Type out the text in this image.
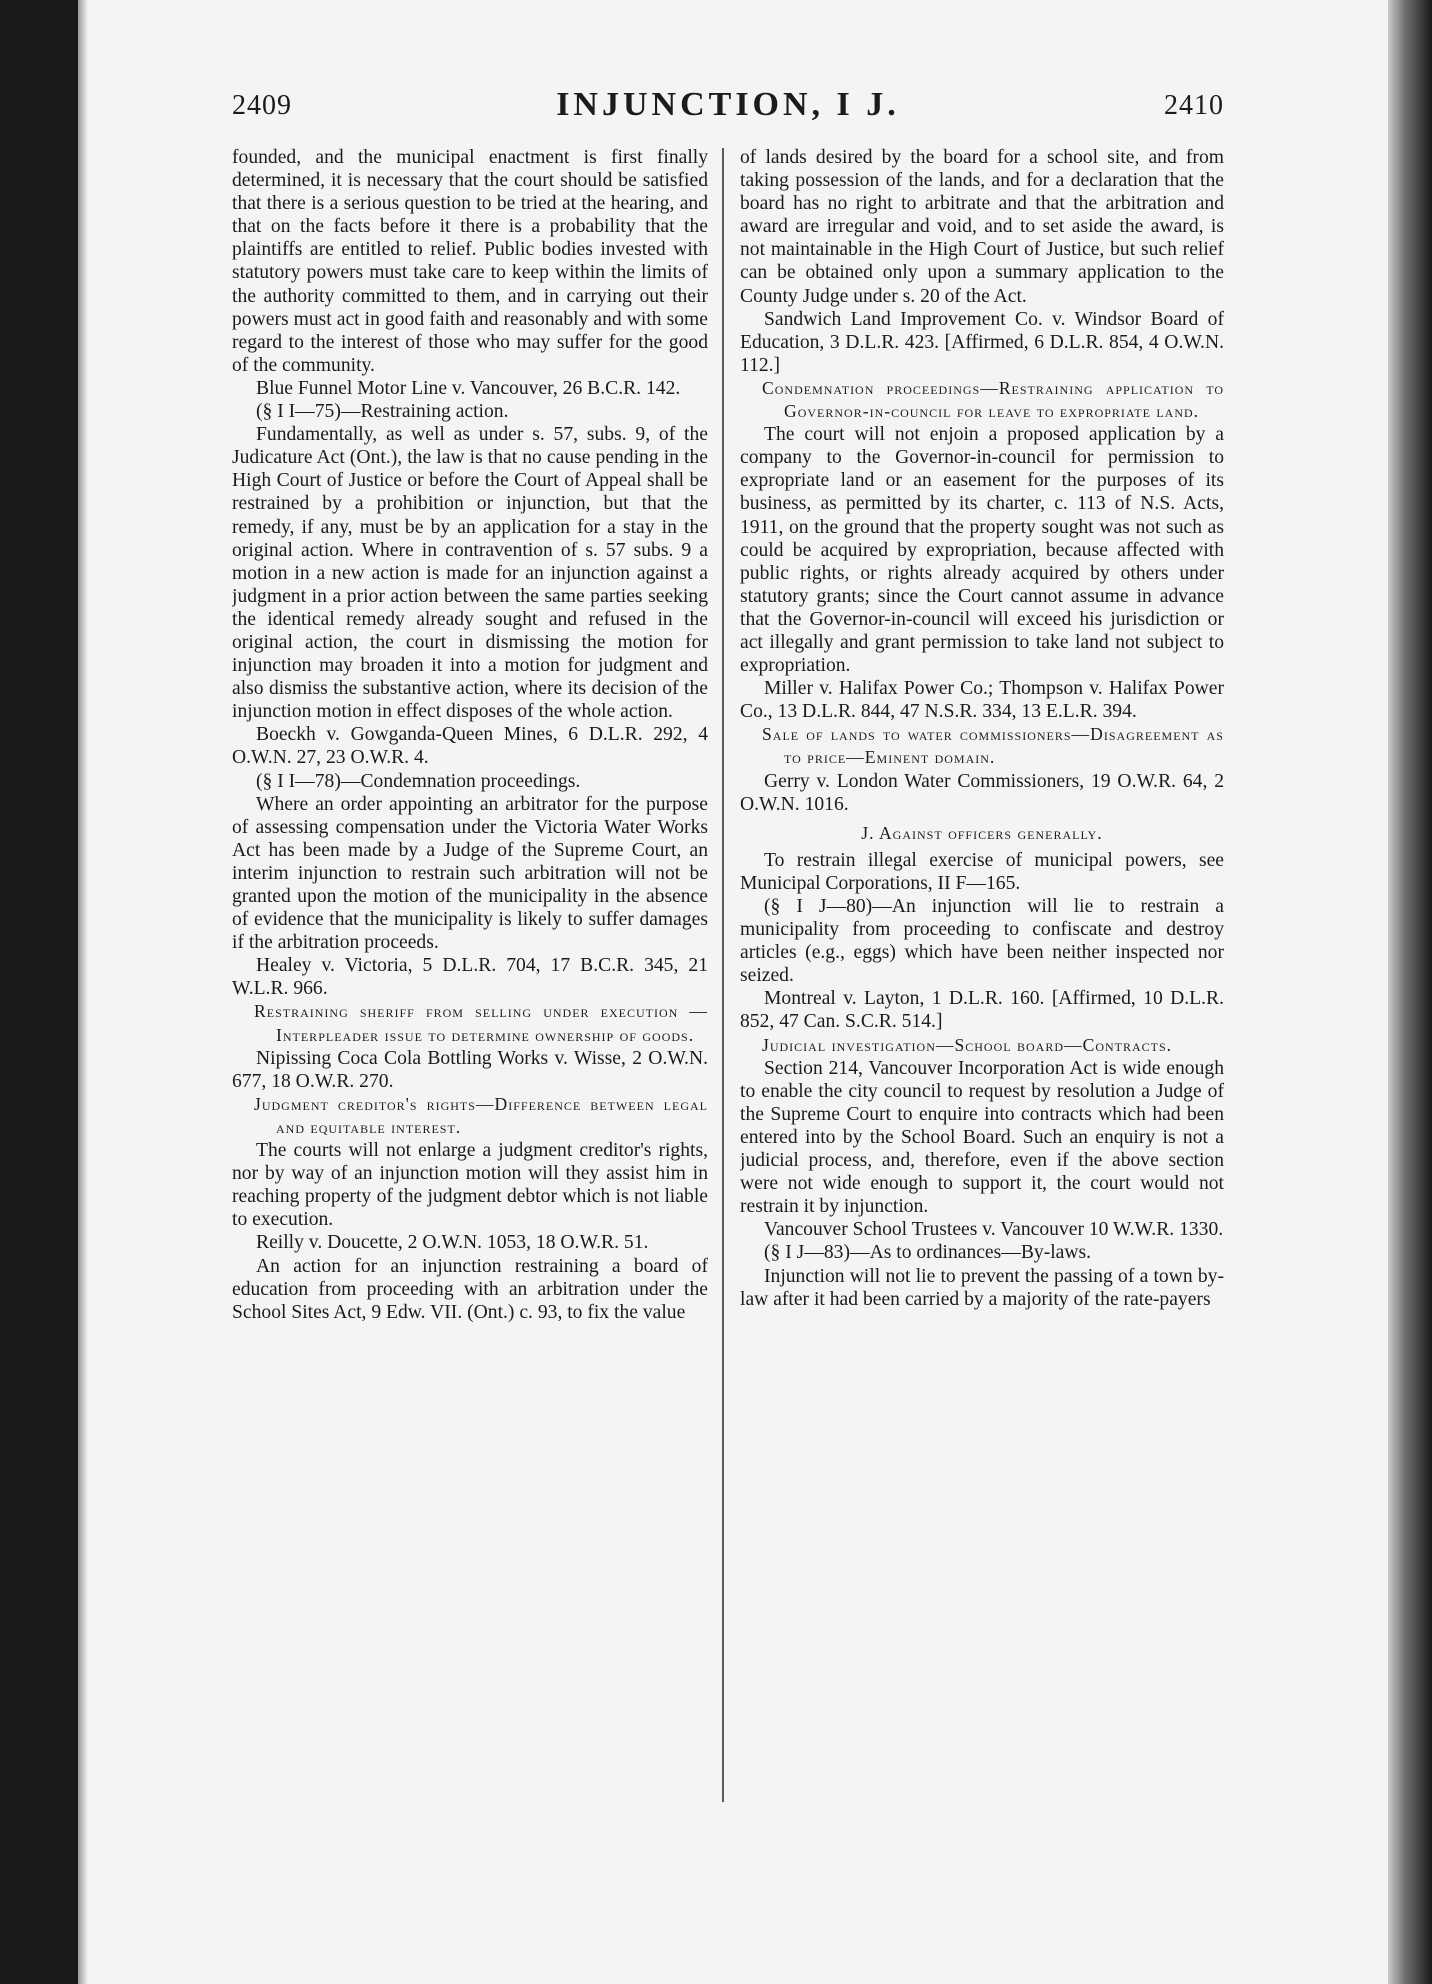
2409	INJUNCTION, I J.	2410

founded, and the municipal enactment is first finally determined, it is necessary that the court should be satisfied that there is a serious question to be tried at the hearing, and that on the facts before it there is a probability that the plaintiffs are entitled to relief. Public bodies invested with statutory powers must take care to keep within the limits of the authority committed to them, and in carrying out their powers must act in good faith and reasonably and with some regard to the interest of those who may suffer for the good of the community.

Blue Funnel Motor Line v. Vancouver, 26 B.C.R. 142.

(§ I I—75)—Restraining action.

Fundamentally, as well as under s. 57, subs. 9, of the Judicature Act (Ont.), the law is that no cause pending in the High Court of Justice or before the Court of Appeal shall be restrained by a prohibition or injunction, but that the remedy, if any, must be by an application for a stay in the original action. Where in contravention of s. 57 subs. 9 a motion in a new action is made for an injunction against a judgment in a prior action between the same parties seeking the identical remedy already sought and refused in the original action, the court in dismissing the motion for injunction may broaden it into a motion for judgment and also dismiss the substantive action, where its decision of the injunction motion in effect disposes of the whole action.

Boeckh v. Gowganda-Queen Mines, 6 D.L.R. 292, 4 O.W.N. 27, 23 O.W.R. 4.

(§ I I—78)—Condemnation proceedings.

Where an order appointing an arbitrator for the purpose of assessing compensation under the Victoria Water Works Act has been made by a Judge of the Supreme Court, an interim injunction to restrain such arbitration will not be granted upon the motion of the municipality in the absence of evidence that the municipality is likely to suffer damages if the arbitration proceeds.

Healey v. Victoria, 5 D.L.R. 704, 17 B.C.R. 345, 21 W.L.R. 966.

Restraining sheriff from selling under execution — Interpleader issue to determine ownership of goods.

Nipissing Coca Cola Bottling Works v. Wisse, 2 O.W.N. 677, 18 O.W.R. 270.

Judgment creditor's rights—Difference between legal and equitable interest.

The courts will not enlarge a judgment creditor's rights, nor by way of an injunction motion will they assist him in reaching property of the judgment debtor which is not liable to execution.

Reilly v. Doucette, 2 O.W.N. 1053, 18 O.W.R. 51.

An action for an injunction restraining a board of education from proceeding with an arbitration under the School Sites Act, 9 Edw. VII. (Ont.) c. 93, to fix the value

of lands desired by the board for a school site, and from taking possession of the lands, and for a declaration that the board has no right to arbitrate and that the arbitration and award are irregular and void, and to set aside the award, is not maintainable in the High Court of Justice, but such relief can be obtained only upon a summary application to the County Judge under s. 20 of the Act.

Sandwich Land Improvement Co. v. Windsor Board of Education, 3 D.L.R. 423. [Affirmed, 6 D.L.R. 854, 4 O.W.N. 112.]

Condemnation proceedings—Restraining application to Governor-in-council for leave to expropriate land.

The court will not enjoin a proposed application by a company to the Governor-in-council for permission to expropriate land or an easement for the purposes of its business, as permitted by its charter, c. 113 of N.S. Acts, 1911, on the ground that the property sought was not such as could be acquired by expropriation, because affected with public rights, or rights already acquired by others under statutory grants; since the Court cannot assume in advance that the Governor-in-council will exceed his jurisdiction or act illegally and grant permission to take land not subject to expropriation.

Miller v. Halifax Power Co.; Thompson v. Halifax Power Co., 13 D.L.R. 844, 47 N.S.R. 334, 13 E.L.R. 394.

Sale of lands to water commissioners—Disagreement as to price—Eminent domain.

Gerry v. London Water Commissioners, 19 O.W.R. 64, 2 O.W.N. 1016.

J. Against officers generally.

To restrain illegal exercise of municipal powers, see Municipal Corporations, II F—165.

(§ I J—80)—An injunction will lie to restrain a municipality from proceeding to confiscate and destroy articles (e.g., eggs) which have been neither inspected nor seized.

Montreal v. Layton, 1 D.L.R. 160. [Affirmed, 10 D.L.R. 852, 47 Can. S.C.R. 514.]

Judicial investigation—School board—Contracts.

Section 214, Vancouver Incorporation Act is wide enough to enable the city council to request by resolution a Judge of the Supreme Court to enquire into contracts which had been entered into by the School Board. Such an enquiry is not a judicial process, and, therefore, even if the above section were not wide enough to support it, the court would not restrain it by injunction.

Vancouver School Trustees v. Vancouver 10 W.W.R. 1330.

(§ I J—83)—As to ordinances—By-laws.

Injunction will not lie to prevent the passing of a town by-law after it had been carried by a majority of the rate-payers
